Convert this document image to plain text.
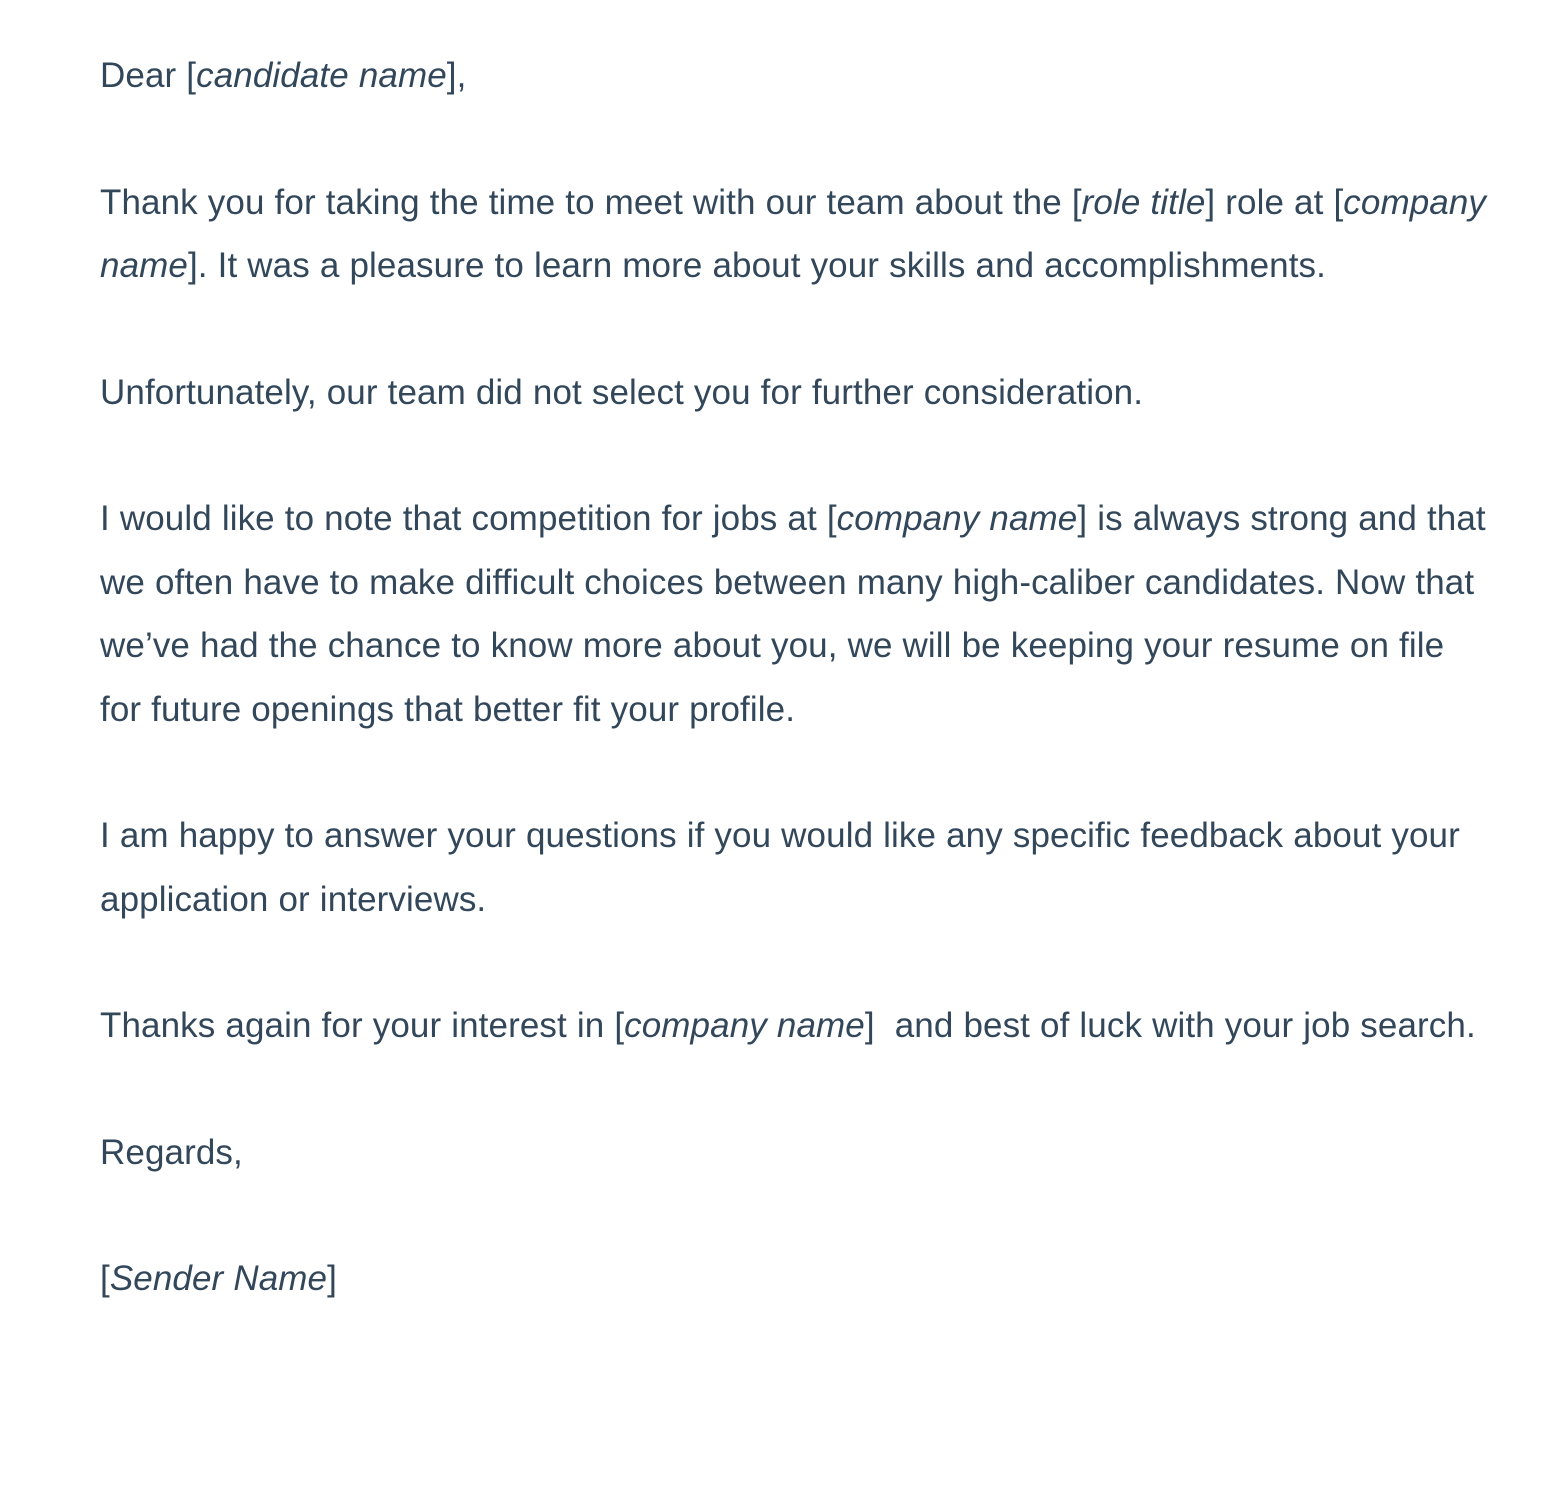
Dear [candidate name],

Thank you for taking the time to meet with our team about the [role title] role at [company name]. It was a pleasure to learn more about your skills and accomplishments.

Unfortunately, our team did not select you for further consideration.

I would like to note that competition for jobs at [company name] is always strong and that we often have to make difficult choices between many high-caliber candidates. Now that we’ve had the chance to know more about you, we will be keeping your resume on file for future openings that better fit your profile.

I am happy to answer your questions if you would like any specific feedback about your application or interviews.

Thanks again for your interest in [company name]  and best of luck with your job search.

Regards,

[Sender Name]
